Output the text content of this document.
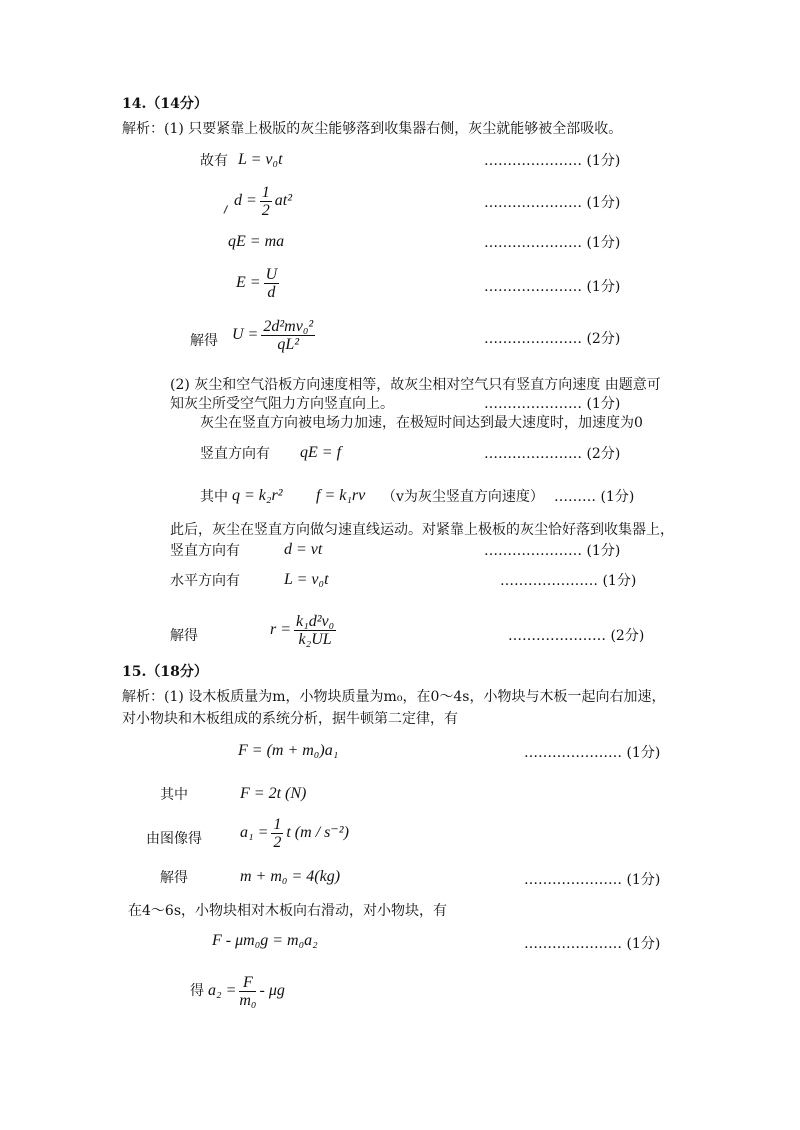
14.（14分）
解析：(1) 只要紧靠上极版的灰尘能够落到收集器右侧，灰尘就能够被全部吸收。
故有 L = v₀t	………………… (1分)
$d = \frac{1}{2} at^2$	………………… (1分)
qE = ma	………………… (1分)
$E = \frac{U}{d}$	………………… (1分)
解得 $U = \frac{\text{2d²mv₀²}}{\text{qL²}}$	………………… (2分)
(2) 灰尘和空气沿板方向速度相等，故灰尘相对空气只有竖直方向速度 由题意可
知灰尘所受空气阻力方向竖直向上。	………………… (1分)
灰尘在竖直方向被电场力加速，在极短时间达到最大速度时，加速度为0
竖直方向有 qE = f	………………… (2分)
其中 q = k₂r² f = k₁rv （v为灰尘竖直方向速度） ……… (1分)
此后，灰尘在竖直方向做匀速直线运动。对紧靠上极板的灰尘恰好落到收集器上，
竖直方向有	d = vt	………………… (1分)
水平方向有	L = v₀t	………………… (1分)
解得	$r = \frac{\text{k₁d²v₀}}{\text{k₂UL}}$	………………… (2分)
15.（18分）
解析：(1) 设木板质量为m，小物块质量为m₀，在0～4s，小物块与木板一起向右加速，
对小物块和木板组成的系统分析，据牛顿第二定律，有
F = (m + m₀)a₁	………………… (1分)
其中	F = 2t (N)
由图像得 $a_1 = \frac{1}{2}$ t (m / s⁻²)
解得	m + m₀ = 4(kg)	………………… (1分)
在4～6s，小物块相对木板向右滑动，对小物块，有
F - μm₀g = m₀a₂	………………… (1分)
得 $a_2 = \frac{F}{\text{m₀}} - \mu g$
